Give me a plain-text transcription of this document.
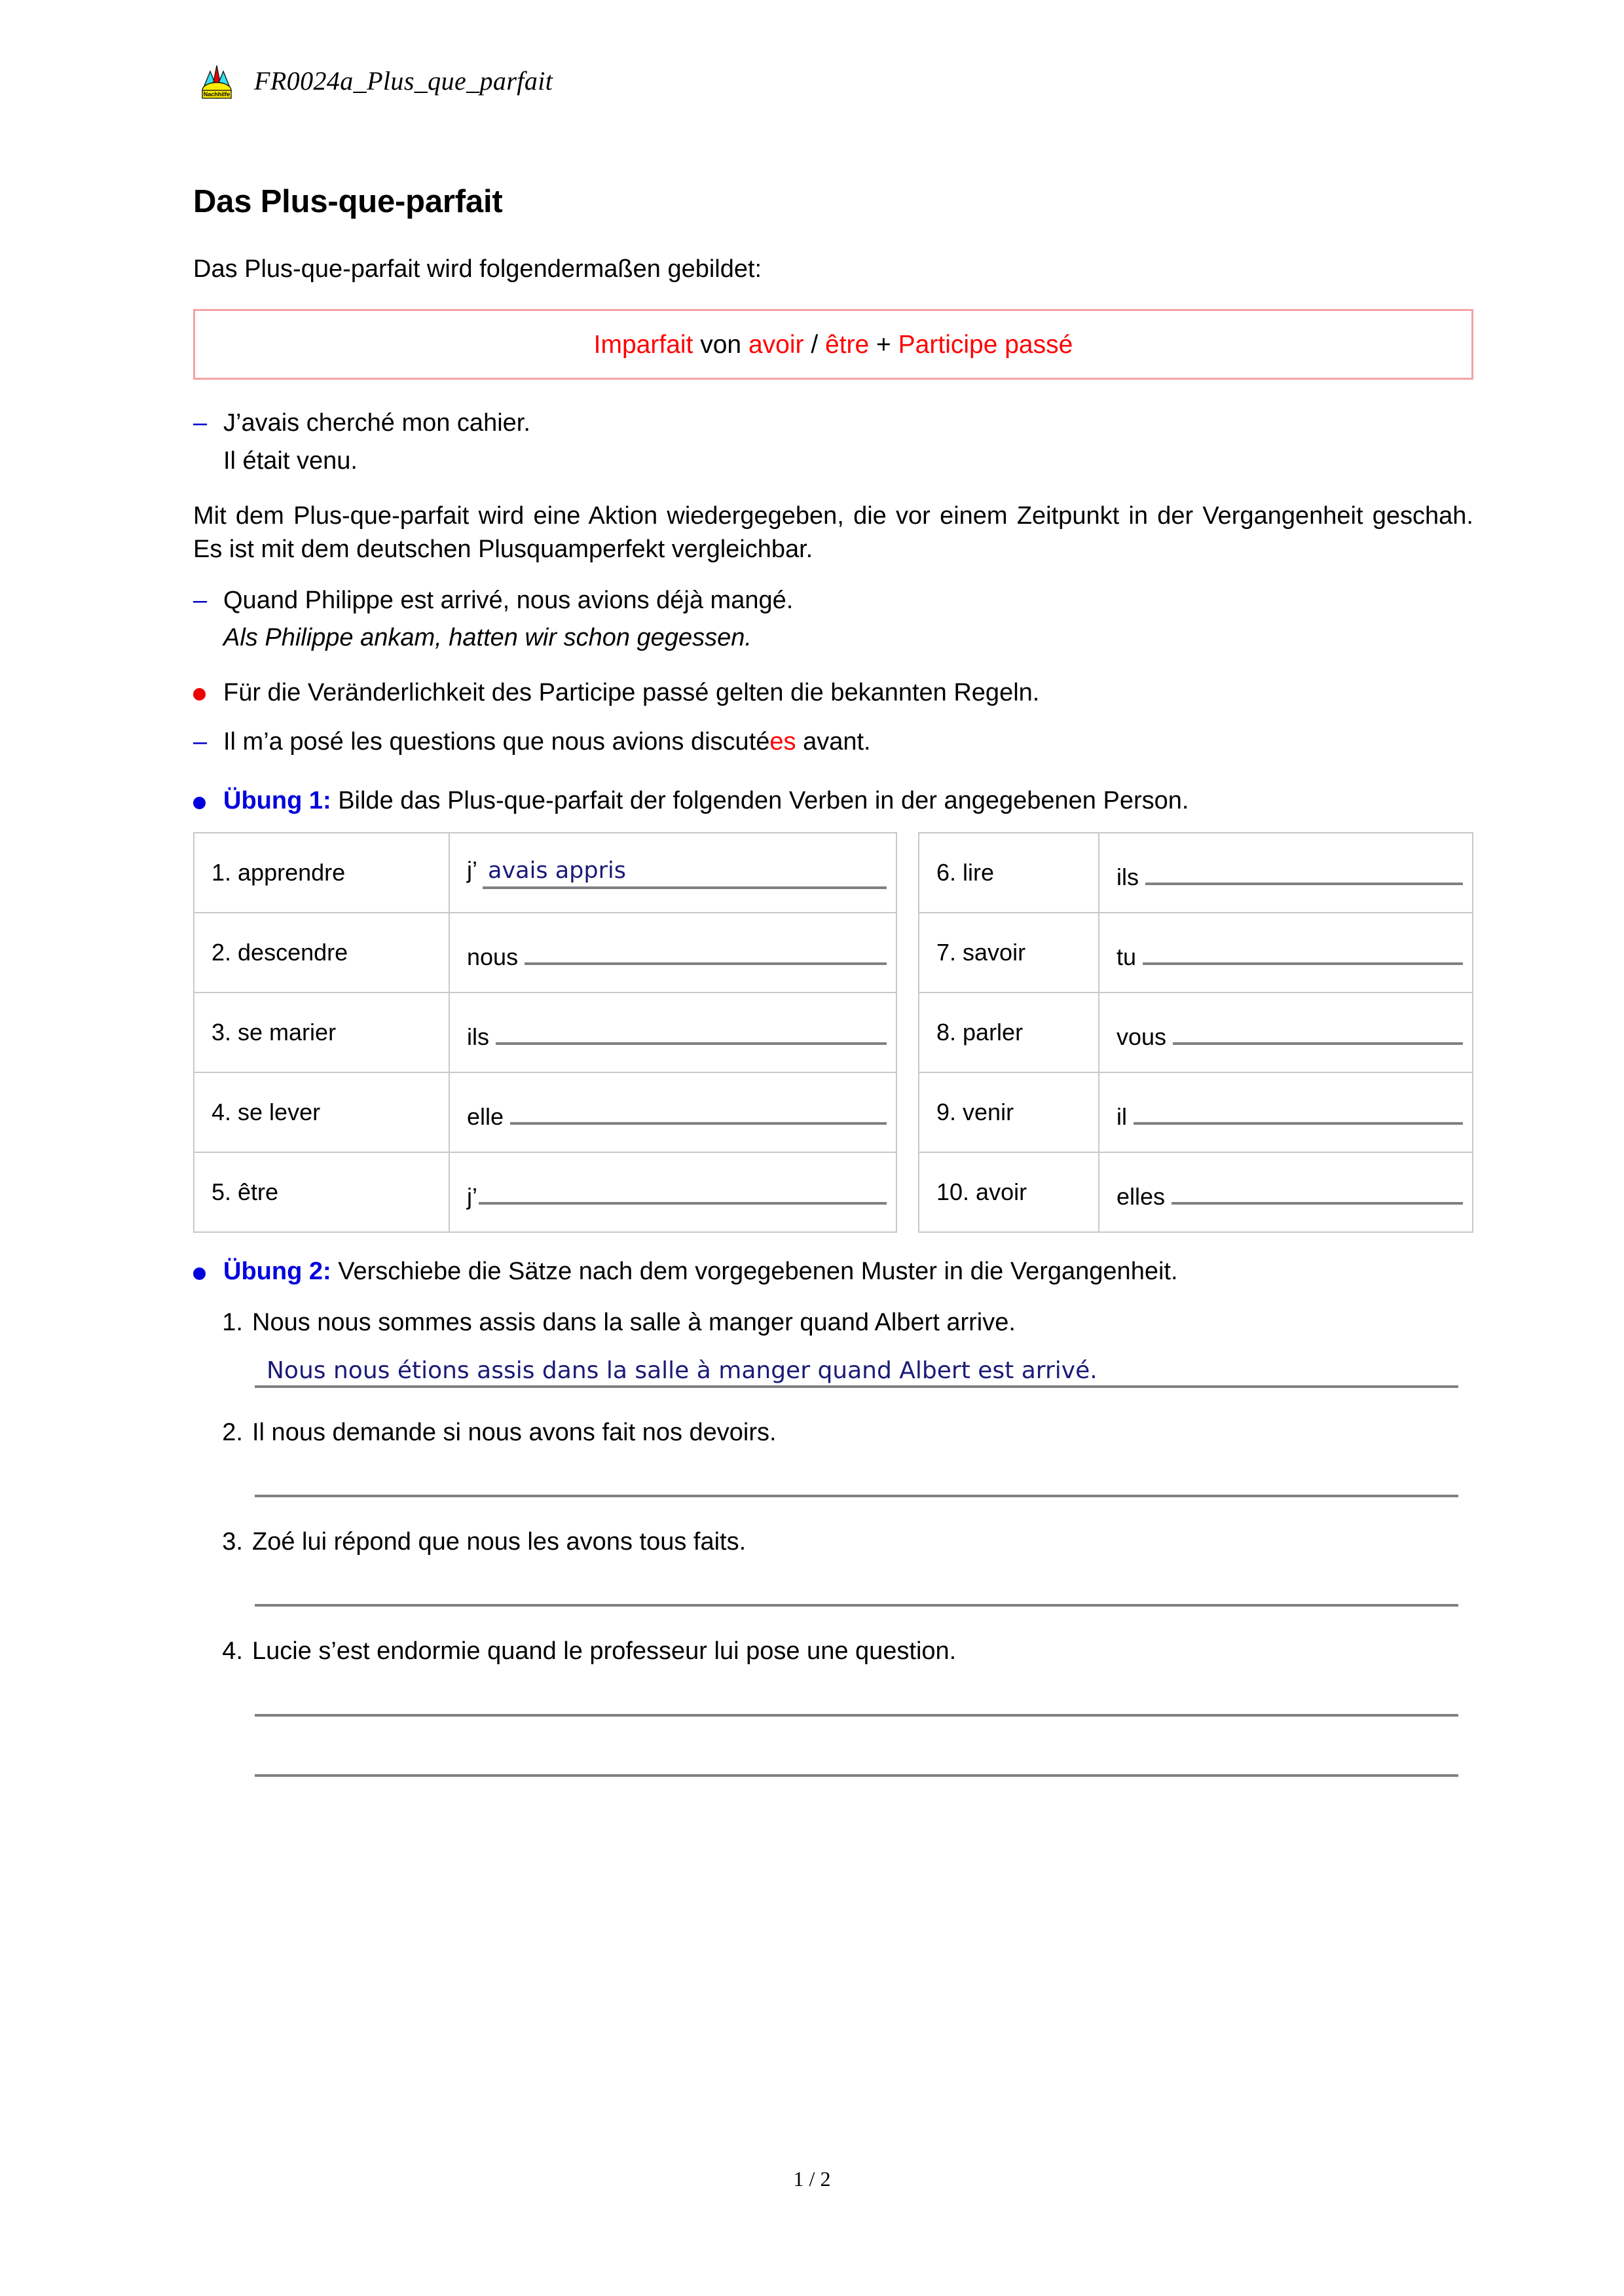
Nachhilfe FR0024a_Plus_que_parfait
Das Plus-que-parfait

Das Plus-que-parfait wird folgendermaßen gebildet:

Imparfait von avoir / être + Participe passé
– J’avais cherché mon cahier.
Il était venu.

Mit dem Plus-que-parfait wird eine Aktion wiedergegeben, die vor einem Zeitpunkt in der Vergangenheit geschah. Es ist mit dem deutschen Plusquamperfekt vergleichbar.

– Quand Philippe est arrivé, nous avions déjà mangé.
Als Philippe ankam, hatten wir schon gegessen.
Für die Veränderlichkeit des Participe passé gelten die bekannten Regeln.
– Il m’a posé les questions que nous avions discutées avant.
Übung 1: Bilde das Plus-que-parfait der folgenden Verben in der angegebenen Person.
1. apprendre	j’ avais appris

2. descendre	nous

3. se marier	ils

4. se lever	elle

5. être	j’
6. lire	ils

7. savoir	tu

8. parler	vous

9. venir	il

10. avoir	elles
Übung 2: Verschiebe die Sätze nach dem vorgegebenen Muster in die Vergangenheit.
1. Nous nous sommes assis dans la salle à manger quand Albert arrive.
Nous nous étions assis dans la salle à manger quand Albert est arrivé.
2. Il nous demande si nous avons fait nos devoirs.
3. Zoé lui répond que nous les avons tous faits.
4. Lucie s’est endormie quand le professeur lui pose une question.
1 / 2
